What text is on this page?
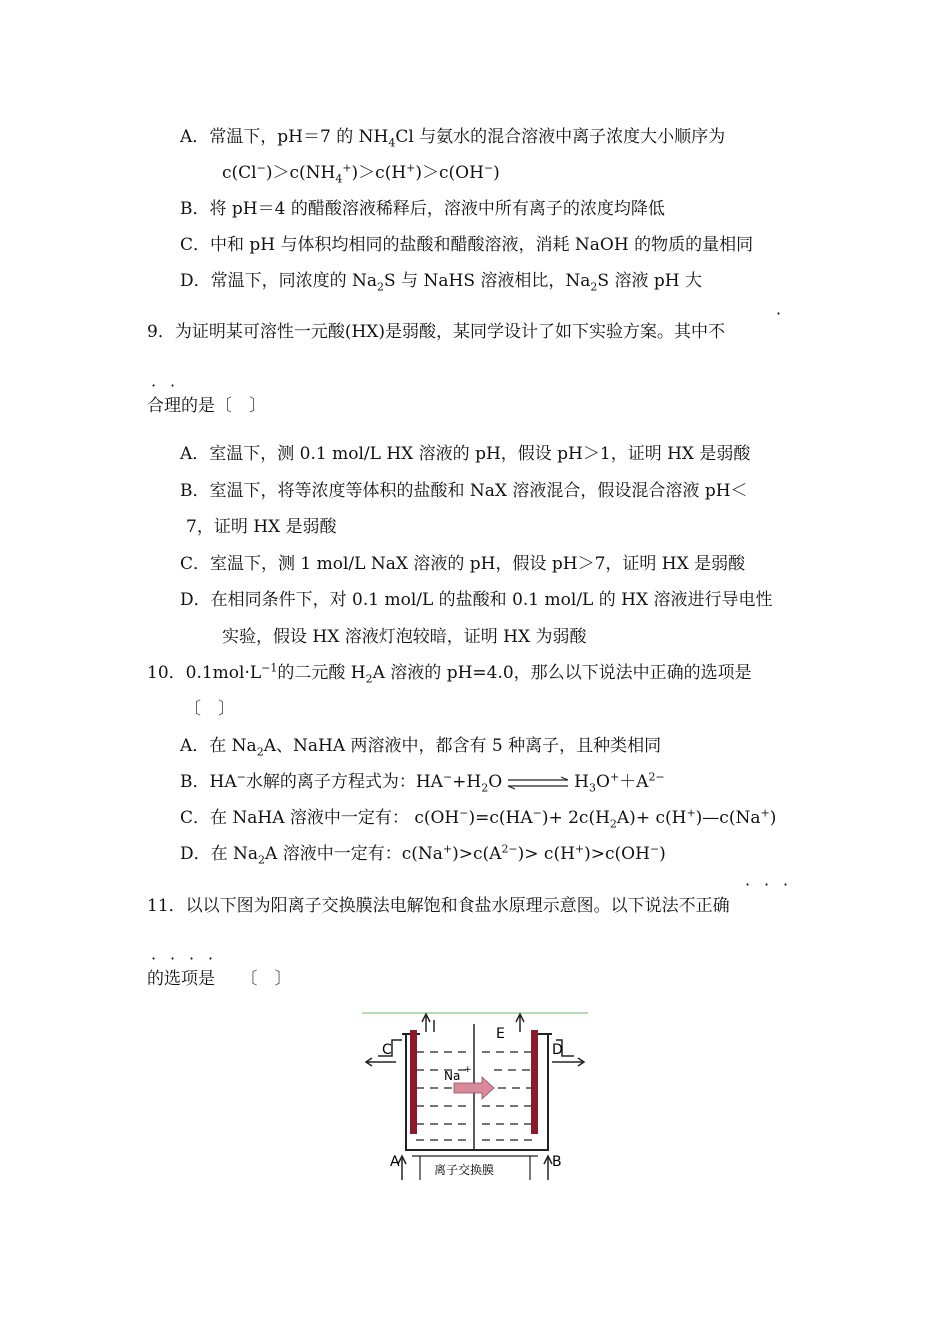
A．常温下，pH＝7 的 $NH_4Cl$ 与氨水的混合溶液中离子浓度大小顺序为
$c(Cl^-)>c(NH_4^+)>c(H^+)>c(OH^-)$
B．将 pH＝4 的醋酸溶液稀释后，溶液中所有离子的浓度均降低
C．中和 pH 与体积均相同的盐酸和醋酸溶液，消耗 NaOH 的物质的量相同
D．常温下，同浓度的 $Na_2S$ 与 NaHS 溶液相比，$Na_2S$ 溶液 pH 大
·
9．为证明某可溶性一元酸(HX)是弱酸，某同学设计了如下实验方案。其中不
· ·
合理的是〔　〕
A．室温下，测 0.1 mol/L HX 溶液的 pH，假设 pH＞1，证明 HX 是弱酸
B．室温下，将等浓度等体积的盐酸和 NaX 溶液混合，假设混合溶液 pH＜
7，证明 HX 是弱酸
C．室温下，测 1 mol/L NaX 溶液的 pH，假设 pH＞7，证明 HX 是弱酸
D．在相同条件下，对 0.1 mol/L 的盐酸和 0.1 mol/L 的 HX 溶液进行导电性
实验，假设 HX 溶液灯泡较暗，证明 HX 为弱酸
10．$0.1mol\cdot L^{-1}$的二元酸 $H_2A$ 溶液的 pH=4.0，那么以下说法中正确的选项是
〔　〕
A．在 $Na_2A$、NaHA 两溶液中，都含有 5 种离子，且种类相同
B．HA−水解的离子方程式为：$HA^-+H_2O$ ⇌ $H_3O^++A^{2-}$
C．在 NaHA 溶液中一定有： $c(OH^-)=c(HA^-)+ 2c(H_2A)+$ c(H+)—c(Na+)
D．在 $Na_2A$ 溶液中一定有：$c(Na^+)>c(A^{2-})> c(H^+)>c(OH^-)$
· · ·
11．以以下图为阳离子交换膜法电解饱和食盐水原理示意图。以下说法不正确
· · · ·
的选项是　　〔　〕
C	D
E
A	B
Na +
离子交换膜
